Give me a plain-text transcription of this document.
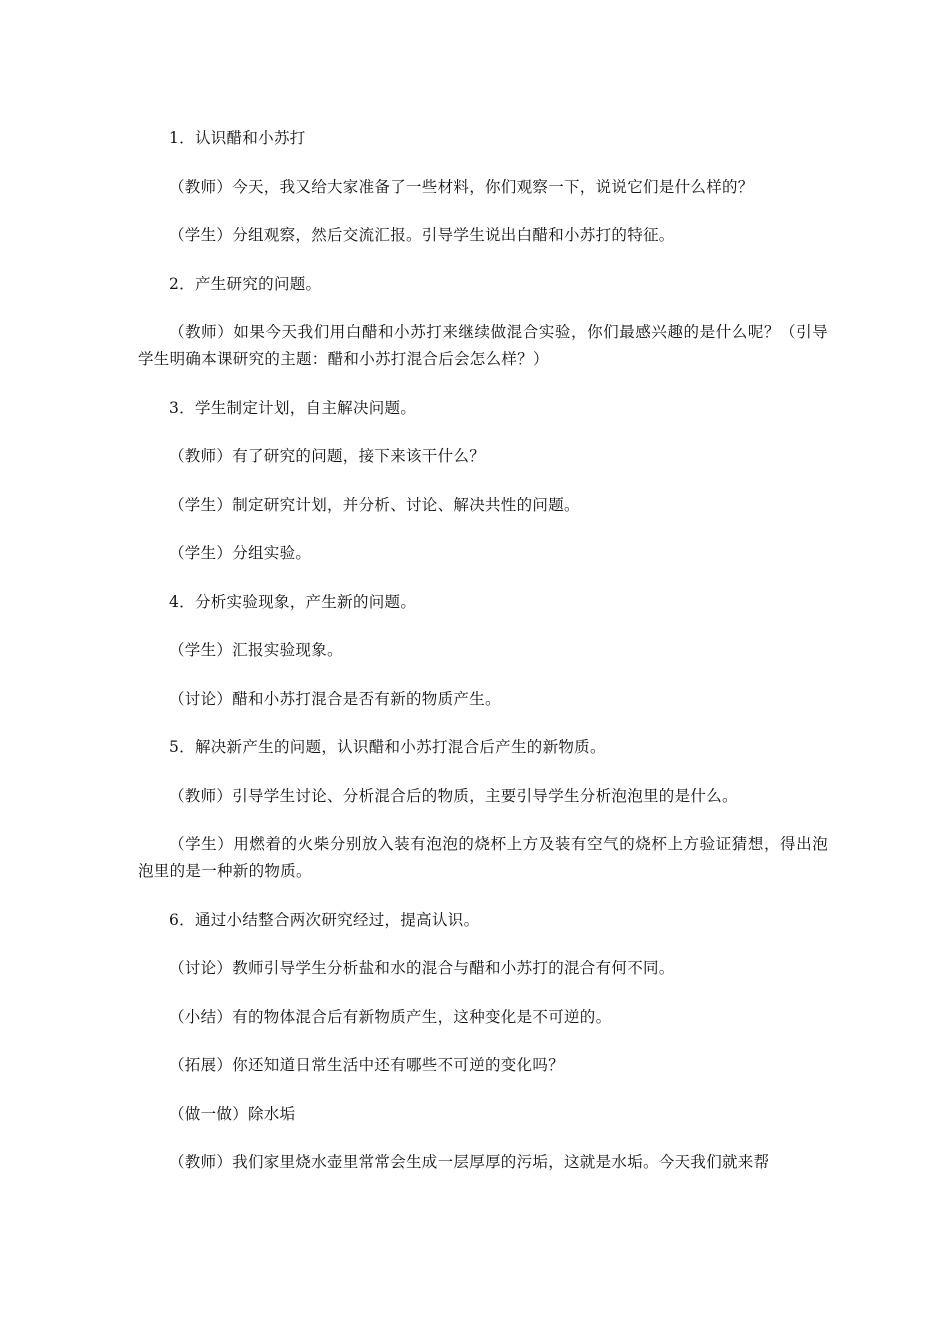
1．认识醋和小苏打

（教师）今天，我又给大家准备了一些材料，你们观察一下，说说它们是什么样的？

（学生）分组观察，然后交流汇报。引导学生说出白醋和小苏打的特征。

2．产生研究的问题。

（教师）如果今天我们用白醋和小苏打来继续做混合实验，你们最感兴趣的是什么呢？（引导学生明确本课研究的主题：醋和小苏打混合后会怎么样？）

3．学生制定计划，自主解决问题。

（教师）有了研究的问题，接下来该干什么？

（学生）制定研究计划，并分析、讨论、解决共性的问题。

（学生）分组实验。

4．分析实验现象，产生新的问题。

（学生）汇报实验现象。

（讨论）醋和小苏打混合是否有新的物质产生。

5．解决新产生的问题，认识醋和小苏打混合后产生的新物质。

（教师）引导学生讨论、分析混合后的物质，主要引导学生分析泡泡里的是什么。

（学生）用燃着的火柴分别放入装有泡泡的烧杯上方及装有空气的烧杯上方验证猜想，得出泡泡里的是一种新的物质。

6．通过小结整合两次研究经过，提高认识。

（讨论）教师引导学生分析盐和水的混合与醋和小苏打的混合有何不同。

（小结）有的物体混合后有新物质产生，这种变化是不可逆的。

（拓展）你还知道日常生活中还有哪些不可逆的变化吗？

（做一做）除水垢

（教师）我们家里烧水壶里常常会生成一层厚厚的污垢，这就是水垢。今天我们就来帮
